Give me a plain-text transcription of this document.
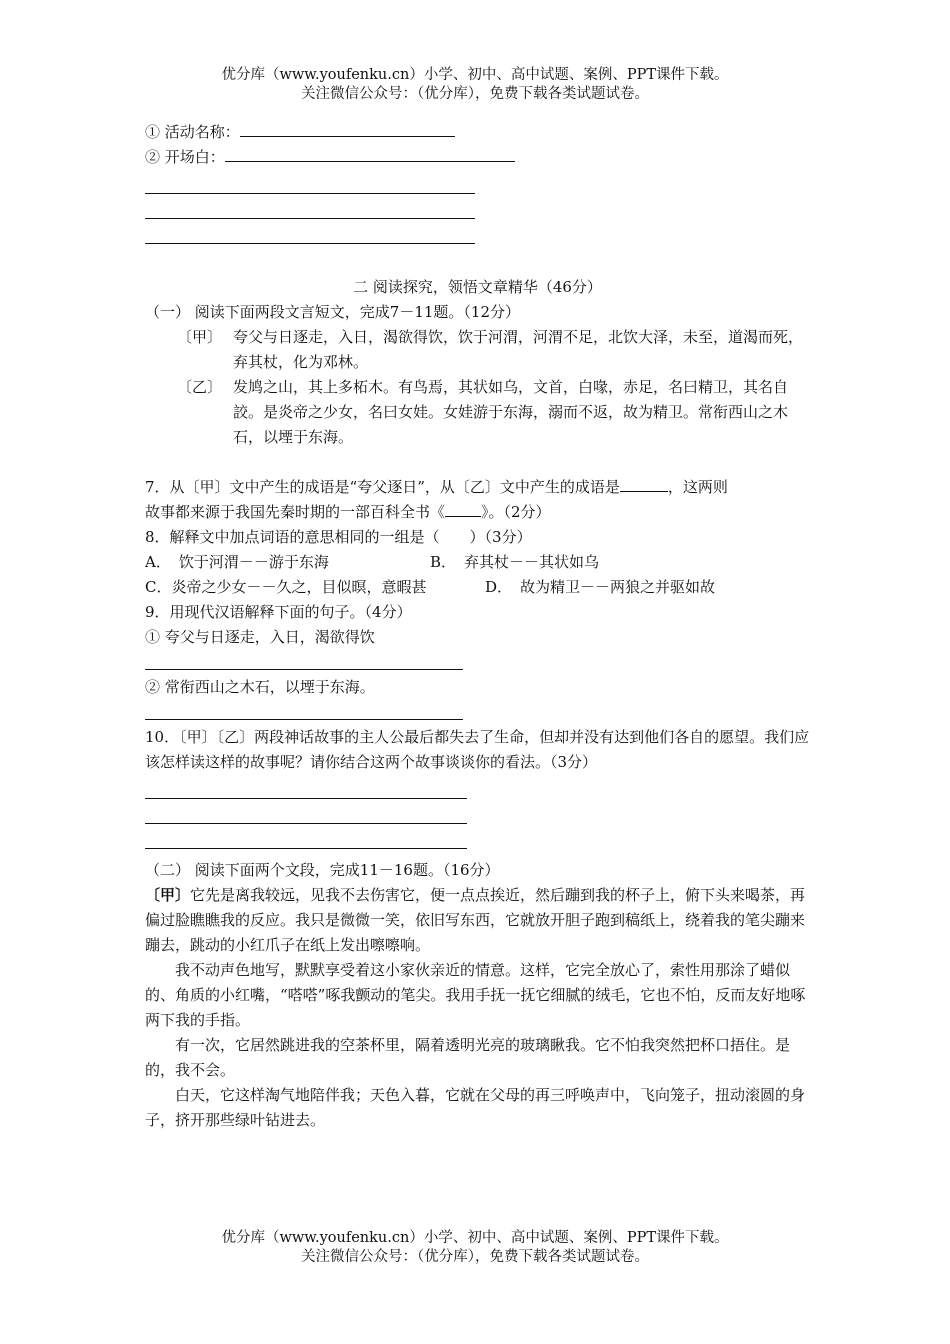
优分库（www.youfenku.cn）小学、初中、高中试题、案例、PPT课件下载。
关注微信公众号：（优分库），免费下载各类试题试卷。
① 活动名称：
② 开场白：
二 阅读探究，领悟文章精华（46分）
（一） 阅读下面两段文言短文，完成7－11题。（12分）
〔甲〕 夸父与日逐走，入日，渴欲得饮，饮于河渭，河渭不足，北饮大泽，未至，道渴而死，弃其杖，化为邓林。
〔乙〕 发鸠之山，其上多柘木。有鸟焉，其状如乌，文首，白喙，赤足，名曰精卫，其名自詨。是炎帝之少女，名曰女娃。女娃游于东海，溺而不返，故为精卫。常衔西山之木石，以堙于东海。
7．从〔甲〕文中产生的成语是“夸父逐日”，从〔乙〕文中产生的成语是	，这两则
故事都来源于我国先秦时期的一部百科全书《 》。（2分）
8．解释文中加点词语的意思相同的一组是（　　）（3分）
A． 饮于河渭－－游于东海	B． 弃其杖－－其状如乌
C．炎帝之少女－－久之，目似暝，意暇甚	D． 故为精卫－－两狼之并驱如故
9．用现代汉语解释下面的句子。（4分）
① 夸父与日逐走，入日，渴欲得饮
② 常衔西山之木石，以堙于东海。
10．〔甲〕〔乙〕两段神话故事的主人公最后都失去了生命，但却并没有达到他们各自的愿望。我们应该怎样读这样的故事呢？请你结合这两个故事谈谈你的看法。（3分）
（二） 阅读下面两个文段，完成11－16题。（16分）
〔甲〕它先是离我较远，见我不去伤害它，便一点点挨近，然后蹦到我的杯子上，俯下头来喝茶，再偏过脸瞧瞧我的反应。我只是微微一笑，依旧写东西，它就放开胆子跑到稿纸上，绕着我的笔尖蹦来蹦去，跳动的小红爪子在纸上发出嚓嚓响。
我不动声色地写，默默享受着这小家伙亲近的情意。这样，它完全放心了，索性用那涂了蜡似的、角质的小红嘴，“嗒嗒”啄我颤动的笔尖。我用手抚一抚它细腻的绒毛，它也不怕，反而友好地啄两下我的手指。
有一次，它居然跳进我的空茶杯里，隔着透明光亮的玻璃瞅我。它不怕我突然把杯口捂住。是的，我不会。
白天，它这样淘气地陪伴我；天色入暮，它就在父母的再三呼唤声中，飞向笼子，扭动滚圆的身子，挤开那些绿叶钻进去。
优分库（www.youfenku.cn）小学、初中、高中试题、案例、PPT课件下载。
关注微信公众号：（优分库），免费下载各类试题试卷。
